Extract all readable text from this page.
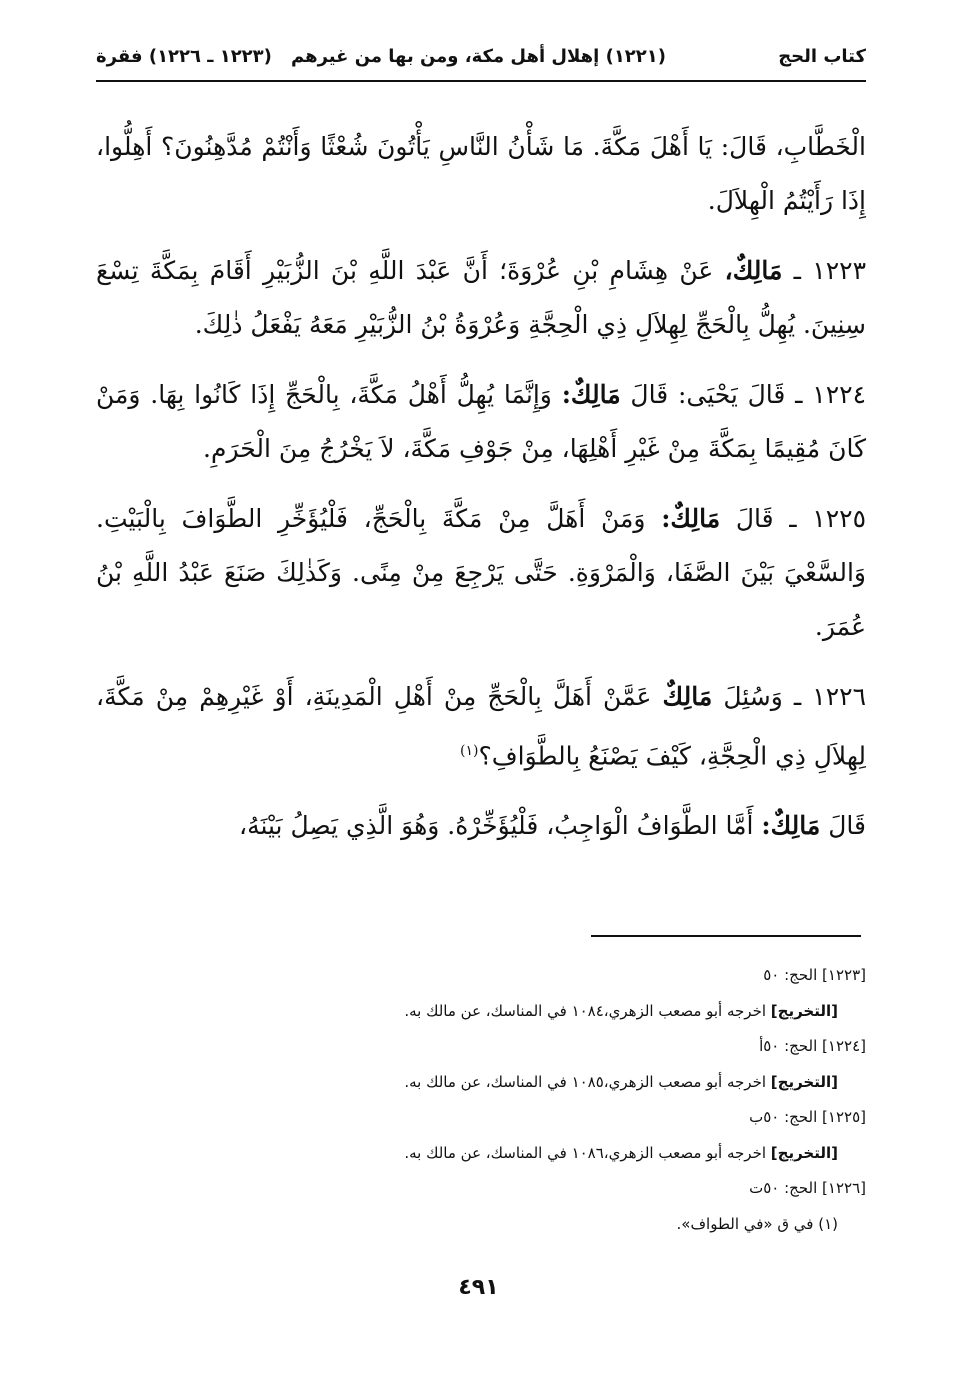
كتاب الحج
(١٢٢١) إهلال أهل مكة، ومن بها من غيرهم
(١٢٢٣ ـ ١٢٢٦) فقرة

الْخَطَّابِ، قَالَ: يَا أَهْلَ مَكَّةَ. مَا شَأْنُ النَّاسِ يَأْتُونَ شُعْثًا وَأَنْتُمْ مُدَّهِنُونَ؟ أَهِلُّوا، إِذَا رَأَيْتُمُ الْهِلاَلَ.

١٢٢٣ ـ مَالِكٌ، عَنْ هِشَامِ بْنِ عُرْوَةَ؛ أَنَّ عَبْدَ اللَّهِ بْنَ الزُّبَيْرِ أَقَامَ بِمَكَّةَ تِسْعَ سِنِينَ. يُهِلُّ بِالْحَجِّ لِهِلاَلِ ذِي الْحِجَّةِ وَعُرْوَةُ بْنُ الزُّبَيْرِ مَعَهُ يَفْعَلُ ذٰلِكَ.

١٢٢٤ ـ قَالَ يَحْيَى: قَالَ مَالِكٌ: وَإِنَّمَا يُهِلُّ أَهْلُ مَكَّةَ، بِالْحَجِّ إِذَا كَانُوا بِهَا. وَمَنْ كَانَ مُقِيمًا بِمَكَّةَ مِنْ غَيْرِ أَهْلِهَا، مِنْ جَوْفِ مَكَّةَ، لاَ يَخْرُجُ مِنَ الْحَرَمِ.

١٢٢٥ ـ قَالَ مَالِكٌ: وَمَنْ أَهَلَّ مِنْ مَكَّةَ بِالْحَجِّ، فَلْيُؤَخِّرِ الطَّوَافَ بِالْبَيْتِ. وَالسَّعْيَ بَيْنَ الصَّفَا، وَالْمَرْوَةِ. حَتَّى يَرْجِعَ مِنْ مِنًى. وَكَذٰلِكَ صَنَعَ عَبْدُ اللَّهِ بْنُ عُمَرَ.

١٢٢٦ ـ وَسُئِلَ مَالِكٌ عَمَّنْ أَهَلَّ بِالْحَجِّ مِنْ أَهْلِ الْمَدِينَةِ، أَوْ غَيْرِهِمْ مِنْ مَكَّةَ، لِهِلاَلِ ذِي الْحِجَّةِ، كَيْفَ يَصْنَعُ بِالطَّوَافِ؟$^{(١)}$

قَالَ مَالِكٌ: أَمَّا الطَّوَافُ الْوَاجِبُ، فَلْيُؤَخِّرْهُ. وَهُوَ الَّذِي يَصِلُ بَيْنَهُ،

[١٢٢٣] الحج: ٥٠
[التخريج] اخرجه أبو مصعب الزهري،١٠٨٤ في المناسك، عن مالك به.
[١٢٢٤] الحج: ٥٠أ
[التخريج] اخرجه أبو مصعب الزهري،١٠٨٥ في المناسك، عن مالك به.
[١٢٢٥] الحج: ٥٠ب
[التخريج] اخرجه أبو مصعب الزهري،١٠٨٦ في المناسك، عن مالك به.
[١٢٢٦] الحج: ٥٠ت
(١) في ق «في الطواف».
٤٩١
